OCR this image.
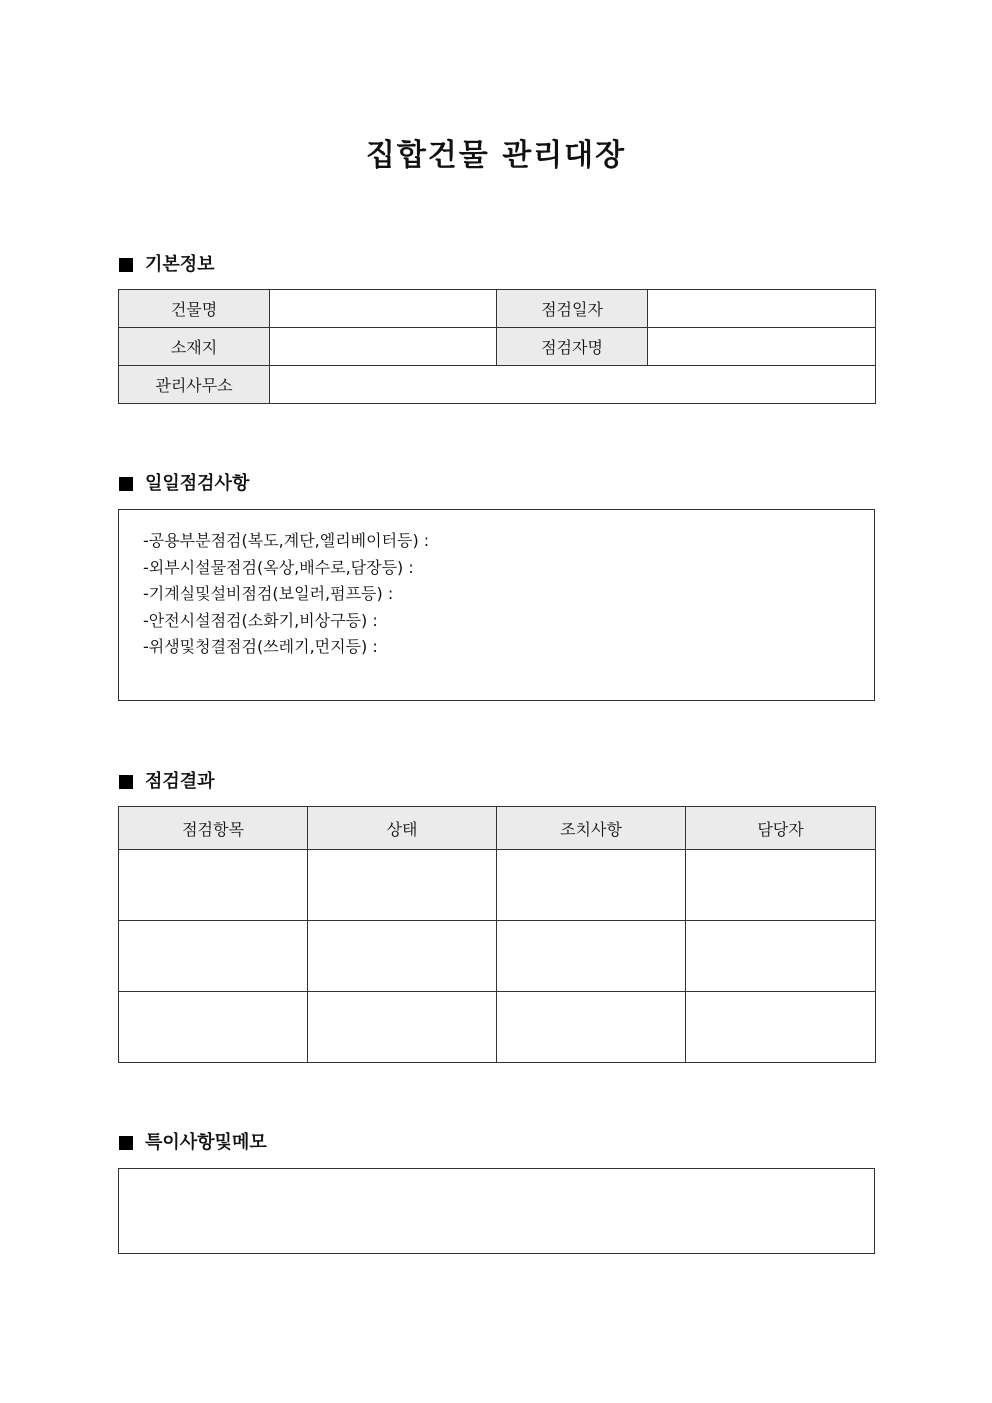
집합건물 관리대장
기본정보
건물명		점검일자	
소재지		점검자명	
관리사무소			
일일점검사항
-공용부분점검(복도,계단,엘리베이터등) :
-외부시설물점검(옥상,배수로,담장등) :
-기계실및설비점검(보일러,펌프등) :
-안전시설점검(소화기,비상구등) :
-위생및청결점검(쓰레기,먼지등) :
점검결과
점검항목	상태	조치사항	담당자

특이사항및메모
